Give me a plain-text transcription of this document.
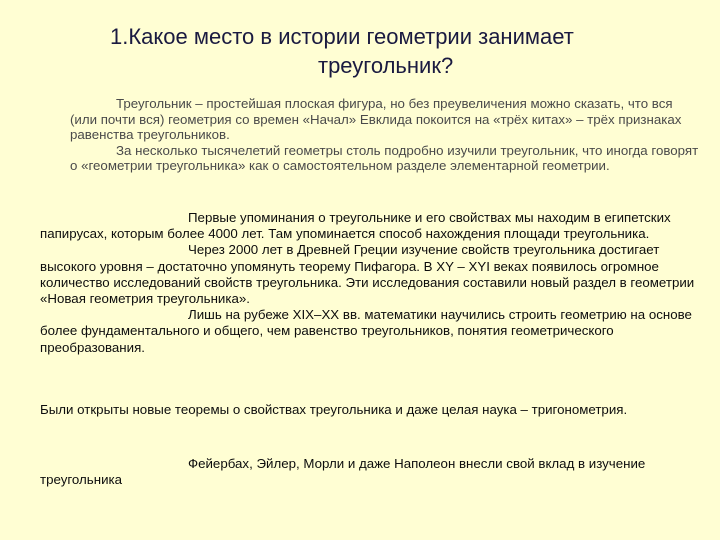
1.Какое место в истории геометрии занимает
треугольник?

Треугольник – простейшая плоская фигура, но без преувеличения можно сказать, что вся (или почти вся) геометрия со времен «Начал» Евклида покоится на «трёх китах» – трёх признаках равенства треугольников.

За несколько тысячелетий геометры столь подробно изучили треугольник, что иногда говорят о «геометрии треугольника» как о самостоятельном разделе элементарной геометрии.

Первые упоминания о треугольнике и его свойствах мы находим в египетских папирусах, которым более 4000 лет. Там упоминается способ нахождения площади треугольника.

Через 2000 лет в Древней Греции изучение свойств треугольника достигает высокого уровня – достаточно упомянуть теорему Пифагора. В XY – XYI веках появилось огромное количество исследований свойств треугольника. Эти исследования составили новый раздел в геометрии «Новая геометрия треугольника».

Лишь на рубеже XIX–XX вв. математики научились строить геометрию на основе более фундаментального и общего, чем равенство треугольников, понятия геометрического преобразования.

Были открыты новые теоремы о свойствах треугольника и даже целая наука – тригонометрия.

Фейербах, Эйлер, Морли и даже Наполеон внесли свой вклад в изучение треугольника
